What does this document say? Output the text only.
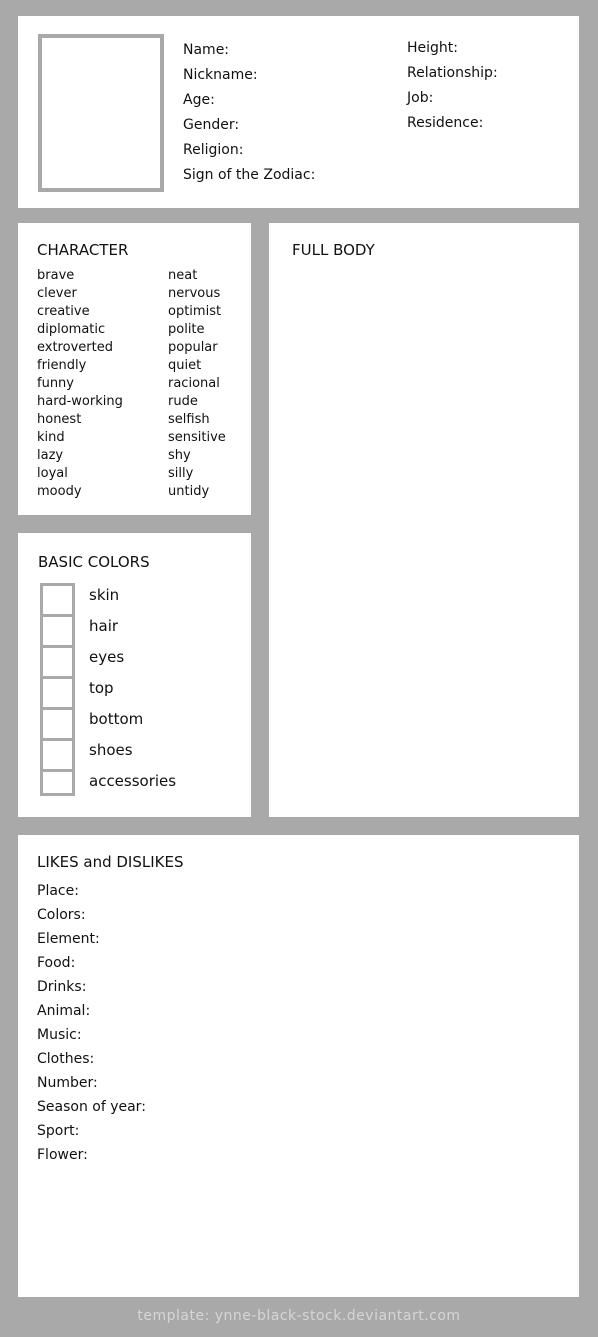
Name:
Nickname:
Age:
Gender:
Religion:
Sign of the Zodiac:
Height:
Relationship:
Job:
Residence:
CHARACTER
brave
clever
creative
diplomatic
extroverted
friendly
funny
hard-working
honest
kind
lazy
loyal
moody
neat
nervous
optimist
polite
popular
quiet
racional
rude
selfish
sensitive
shy
silly
untidy
FULL BODY
BASIC COLORS
skin
hair
eyes
top
bottom
shoes
accessories
LIKES and DISLIKES
Place:
Colors:
Element:
Food:
Drinks:
Animal:
Music:
Clothes:
Number:
Season of year:
Sport:
Flower:
template: ynne-black-stock.deviantart.com
